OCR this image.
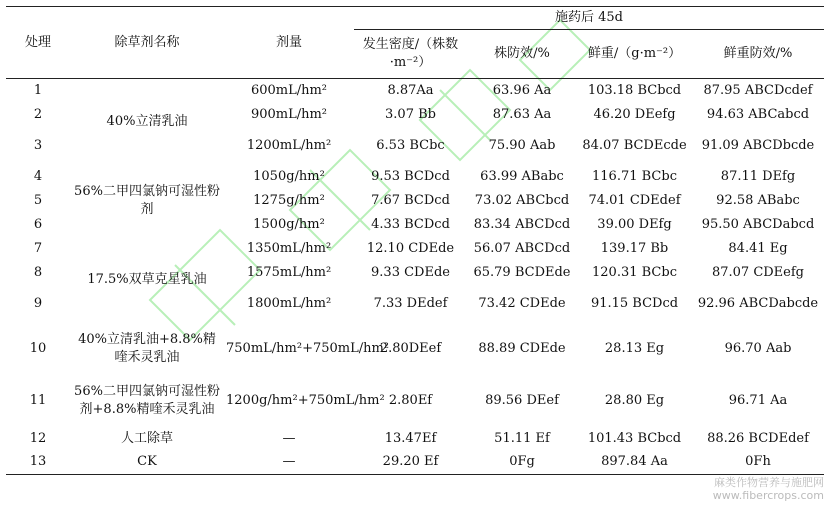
处理	除草剂名称	剂量	施药后 45d			
			发生密度/（株数·m⁻²）	株防效/%	鲜重/（g·m⁻²）	鲜重防效/%
1	40%立清乳油	600mL/hm²	8.87Aa	63.96 Aa	103.18 BCbcd	87.95 ABCDcdef
2		900mL/hm²	3.07 Bb	87.63 Aa	46.20 DEefg	94.63 ABCabcd
3		1200mL/hm²	6.53 BCbc	75.90 Aab	84.07 BCDEcde	91.09 ABCDbcde
4	56%二甲四氯钠可湿性粉剂	1050g/hm²	9.53 BCDcd	63.99 ABabc	116.71 BCbc	87.11 DEfg
5		1275g/hm²	7.67 BCDcd	73.02 ABCbcd	74.01 CDEdef	92.58 ABabc
6		1500g/hm²	4.33 BCDcd	83.34 ABCDcd	39.00 DEfg	95.50 ABCDabcd
7	17.5%双草克星乳油	1350mL/hm²	12.10 CDEde	56.07 ABCDcd	139.17 Bb	84.41 Eg
8		1575mL/hm²	9.33 CDEde	65.79 BCDEde	120.31 BCbc	87.07 CDEefg
9		1800mL/hm²	7.33 DEdef	73.42 CDEde	91.15 BCDcd	92.96 ABCDabcde
10	40%立清乳油+8.8%精喹禾灵乳油	750mL/hm²+750mL/hm²	2.80DEef	88.89 CDEde	28.13 Eg	96.70 Aab
11	56%二甲四氯钠可湿性粉剂+8.8%精喹禾灵乳油	1200g/hm²+750mL/hm²	2.80Ef	89.56 DEef	28.80 Eg	96.71 Aa
12	人工除草	—	13.47Ef	51.11 Ef	101.43 BCbcd	88.26 BCDEdef
13	CK	—	29.20 Ef	0Fg	897.84 Aa	0Fh
麻类作物营养与施肥网
www.fibercrops.com
